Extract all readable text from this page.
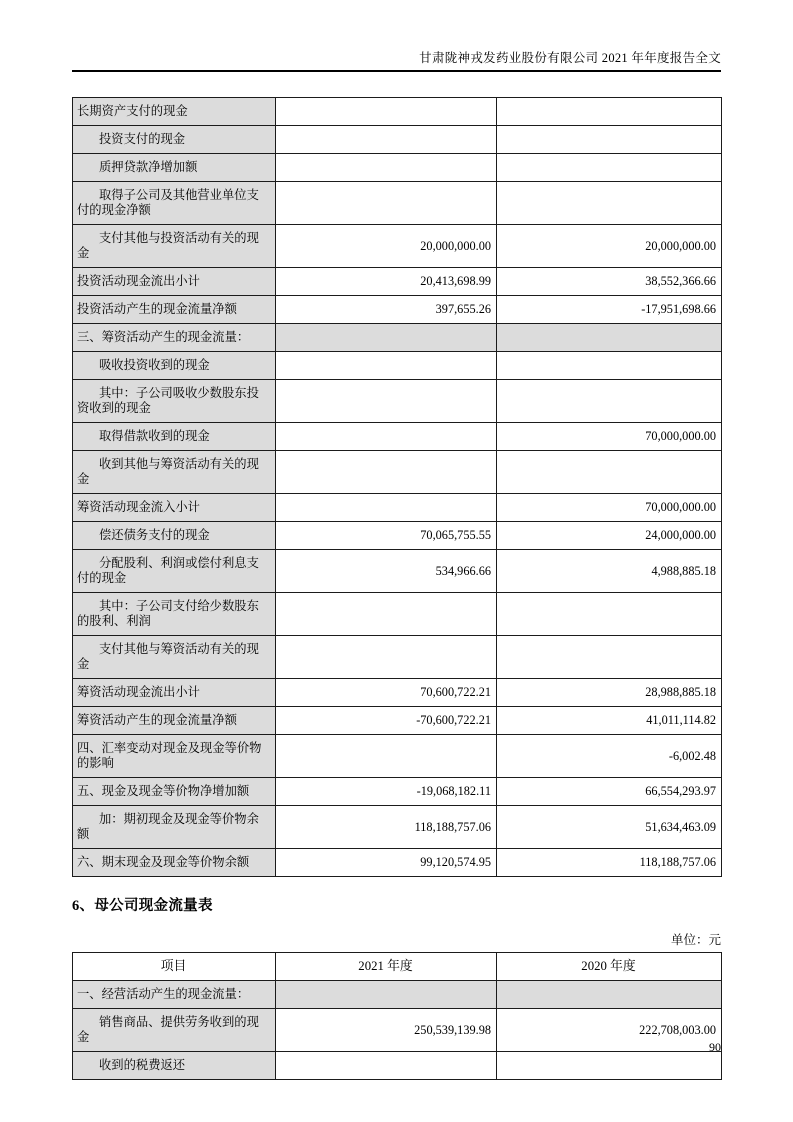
甘肃陇神戎发药业股份有限公司 2021 年年度报告全文
长期资产支付的现金		
投资支付的现金		
质押贷款净增加额		
取得子公司及其他营业单位支付的现金净额		
支付其他与投资活动有关的现金	20,000,000.00	20,000,000.00
投资活动现金流出小计	20,413,698.99	38,552,366.66
投资活动产生的现金流量净额	397,655.26	-17,951,698.66
三、筹资活动产生的现金流量：		
吸收投资收到的现金		
其中：子公司吸收少数股东投资收到的现金		
取得借款收到的现金		70,000,000.00
收到其他与筹资活动有关的现金		
筹资活动现金流入小计		70,000,000.00
偿还债务支付的现金	70,065,755.55	24,000,000.00
分配股利、利润或偿付利息支付的现金	534,966.66	4,988,885.18
其中：子公司支付给少数股东的股利、利润		
支付其他与筹资活动有关的现金		
筹资活动现金流出小计	70,600,722.21	28,988,885.18
筹资活动产生的现金流量净额	-70,600,722.21	41,011,114.82
四、汇率变动对现金及现金等价物的影响		-6,002.48
五、现金及现金等价物净增加额	-19,068,182.11	66,554,293.97
加：期初现金及现金等价物余额	118,188,757.06	51,634,463.09
六、期末现金及现金等价物余额	99,120,574.95	118,188,757.06
6、母公司现金流量表
单位：元
项目	2021 年度	2020 年度
一、经营活动产生的现金流量：		
销售商品、提供劳务收到的现金	250,539,139.98	222,708,003.00
收到的税费返还		
90
